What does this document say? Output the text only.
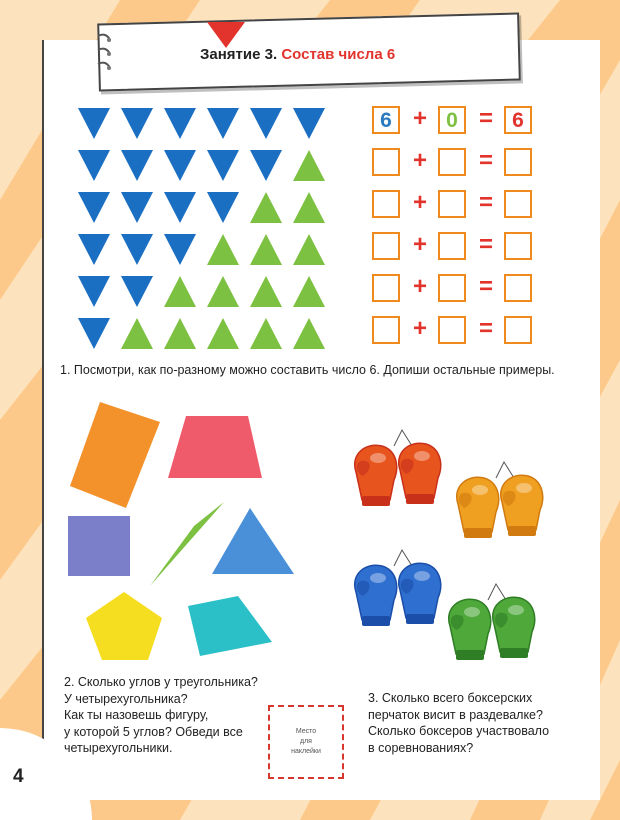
Занятие 3. Состав числа 6
6	0	6
+ =
+ =
+ =
+ =
+ =
+ =

1. Посмотри, как по-разному можно составить число 6. Допиши остальные примеры.

2. Сколько углов у треугольника?
У четырехугольника?
Как ты назовешь фигуру,
у которой 5 углов? Обведи все
четырехугольники.
Место
для
наклейки
3. Сколько всего боксерских
перчаток висит в раздевалке?
Сколько боксеров участвовало
в соревнованиях?
4
